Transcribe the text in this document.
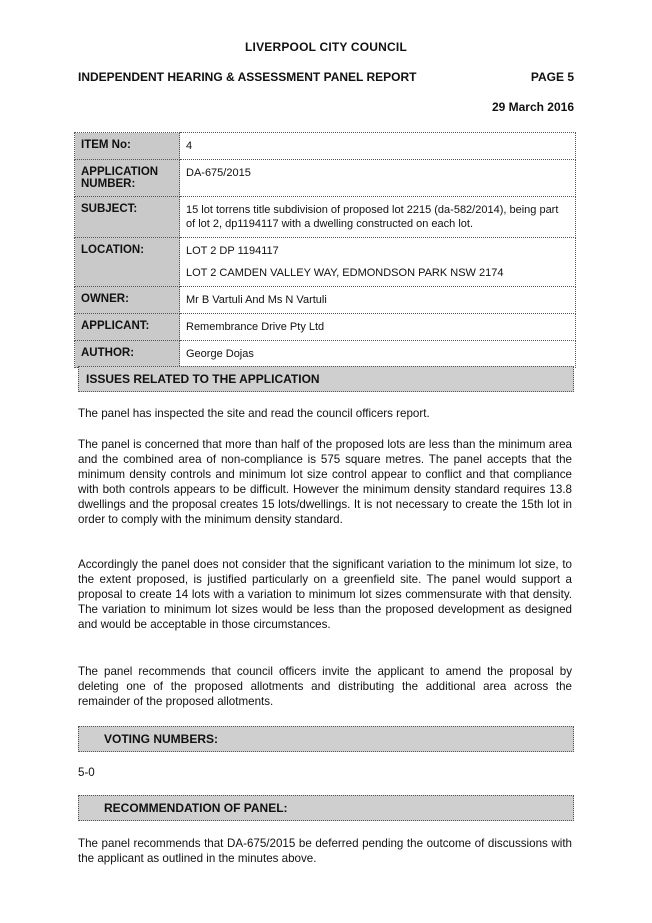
LIVERPOOL CITY COUNCIL
INDEPENDENT HEARING & ASSESSMENT PANEL REPORT	PAGE 5
29 March 2016
ITEM No:	4
APPLICATION NUMBER:	DA-675/2015
SUBJECT:	15 lot torrens title subdivision of proposed lot 2215 (da-582/2014), being part of lot 2, dp1194117 with a dwelling constructed on each lot.
LOCATION:	LOT 2 DP 1194117
LOT 2 CAMDEN VALLEY WAY, EDMONDSON PARK NSW 2174

OWNER:	Mr B Vartuli And Ms N Vartuli
APPLICANT:	Remembrance Drive Pty Ltd
AUTHOR:	George Dojas
ISSUES RELATED TO THE APPLICATION
The panel has inspected the site and read the council officers report.
The panel is concerned that more than half of the proposed lots are less than the minimum area and the combined area of non-compliance is 575 square metres. The panel accepts that the minimum density controls and minimum lot size control appear to conflict and that compliance with both controls appears to be difficult. However the minimum density standard requires 13.8 dwellings and the proposal creates 15 lots/dwellings. It is not necessary to create the 15th lot in order to comply with the minimum density standard.
Accordingly the panel does not consider that the significant variation to the minimum lot size, to the extent proposed, is justified particularly on a greenfield site. The panel would support a proposal to create 14 lots with a variation to minimum lot sizes commensurate with that density. The variation to minimum lot sizes would be less than the proposed development as designed and would be acceptable in those circumstances.
The panel recommends that council officers invite the applicant to amend the proposal by deleting one of the proposed allotments and distributing the additional area across the remainder of the proposed allotments.
VOTING NUMBERS:
5-0
RECOMMENDATION OF PANEL:
The panel recommends that DA-675/2015 be deferred pending the outcome of discussions with the applicant as outlined in the minutes above.
